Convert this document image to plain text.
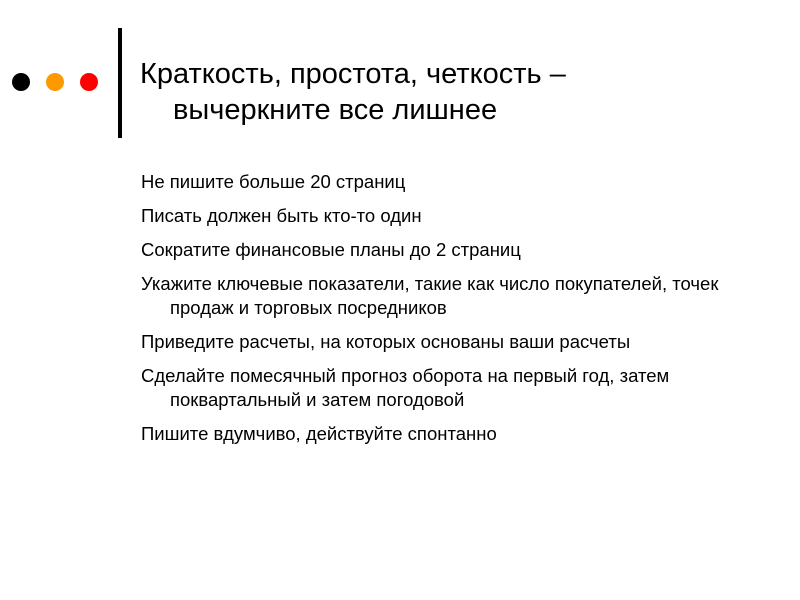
Краткость, простота, четкость –
вычеркните все лишнее
Не пишите больше 20 страниц
Писать должен быть кто-то один
Сократите финансовые планы до 2 страниц
Укажите ключевые показатели, такие как число покупателей, точек продаж и торговых посредников
Приведите расчеты, на которых основаны ваши расчеты
Сделайте помесячный прогноз оборота на первый год, затем поквартальный и затем погодовой
Пишите вдумчиво, действуйте спонтанно
